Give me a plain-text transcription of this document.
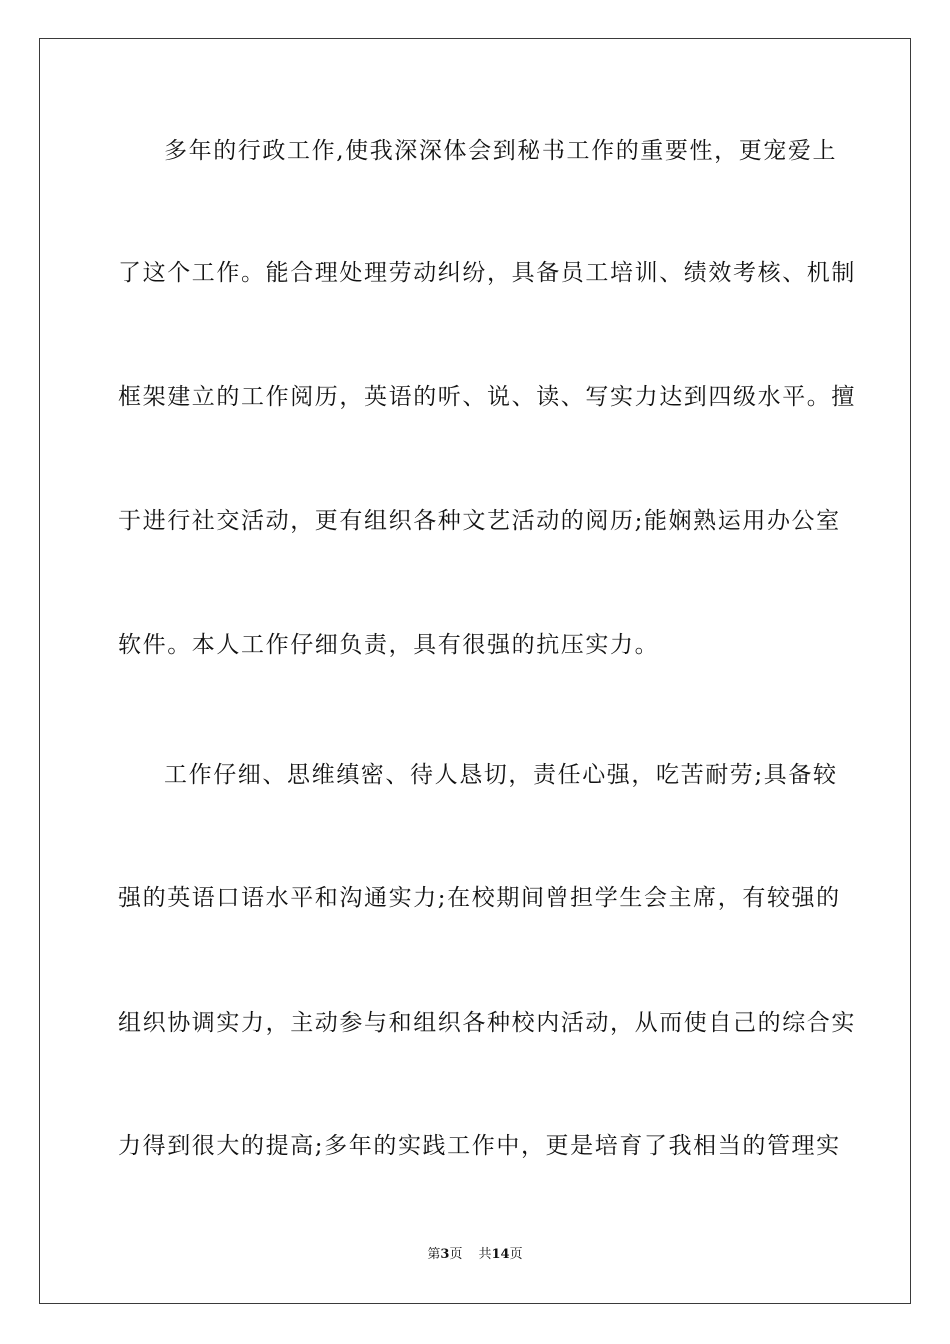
多年的行政工作,使我深深体会到秘书工作的重要性，更宠爱上
了这个工作。能合理处理劳动纠纷，具备员工培训、绩效考核、机制
框架建立的工作阅历，英语的听、说、读、写实力达到四级水平。擅
于进行社交活动，更有组织各种文艺活动的阅历;能娴熟运用办公室
软件。本人工作仔细负责，具有很强的抗压实力。
工作仔细、思维缜密、待人恳切，责任心强，吃苦耐劳;具备较
强的英语口语水平和沟通实力;在校期间曾担学生会主席，有较强的
组织协调实力，主动参与和组织各种校内活动，从而使自己的综合实
力得到很大的提高;多年的实践工作中，更是培育了我相当的管理实
第3页 共14页
